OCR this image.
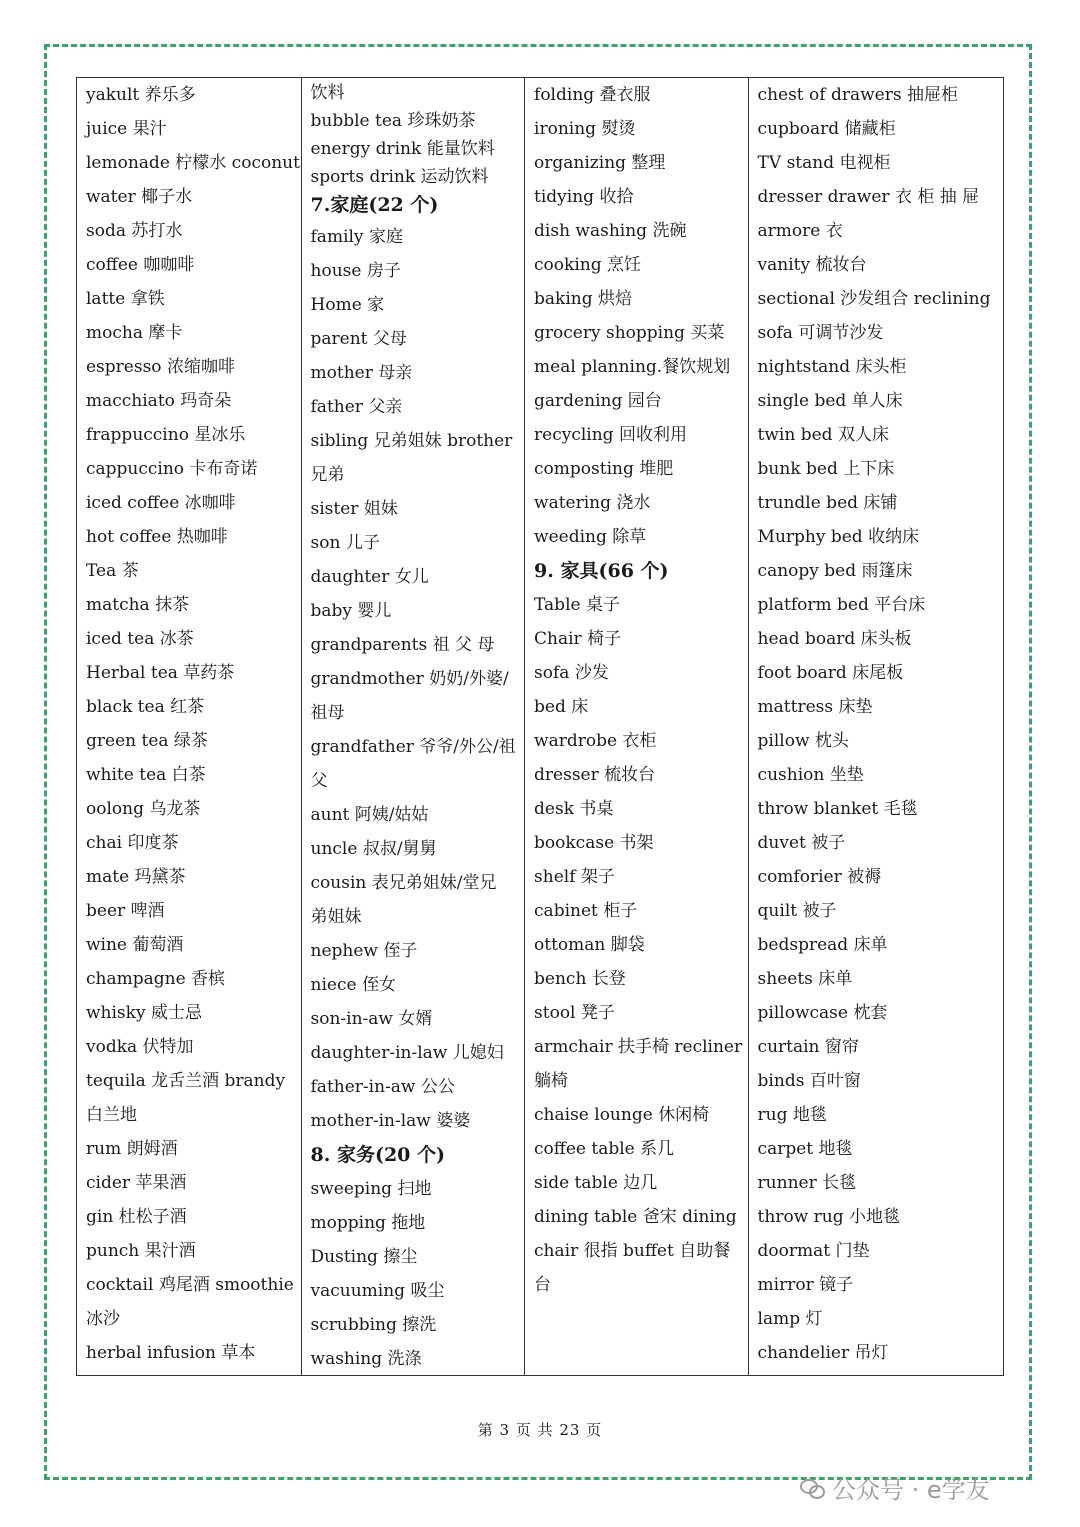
yakult 养乐多
juice 果汁
lemonade 柠檬水 coconut
water 椰子水
soda 苏打水
coffee 咖咖啡
latte 拿铁
mocha 摩卡
espresso 浓缩咖啡
macchiato 玛奇朵
frappuccino 星冰乐
cappuccino 卡布奇诺
iced coffee 冰咖啡
hot coffee 热咖啡
Tea 茶
matcha 抹茶
iced tea 冰茶
Herbal tea 草药茶
black tea 红茶
green tea 绿茶
white tea 白茶
oolong 乌龙茶
chai 印度茶
mate 玛黛茶
beer 啤酒
wine 葡萄酒
champagne 香槟
whisky 威士忌
vodka 伏特加
tequila 龙舌兰酒 brandy
白兰地
rum 朗姆酒
cider 苹果酒
gin 杜松子酒
punch 果汁酒
cocktail 鸡尾酒 smoothie
冰沙
herbal infusion 草本
饮料
bubble tea 珍珠奶茶
energy drink 能量饮料
sports drink 运动饮料
7.家庭(22 个)
family 家庭
house 房子
Home 家
parent 父母
mother 母亲
father 父亲
sibling 兄弟姐妹 brother
兄弟
sister 姐妹
son 儿子
daughter 女儿
baby 婴儿
grandparents 祖 父 母
grandmother 奶奶/外婆/
祖母
grandfather 爷爷/外公/祖
父
aunt 阿姨/姑姑
uncle 叔叔/舅舅
cousin 表兄弟姐妹/堂兄
弟姐妹
nephew 侄子
niece 侄女
son-in-aw 女婿
daughter-in-law 儿媳妇
father-in-aw 公公
mother-in-law 婆婆
8. 家务(20 个)
sweeping 扫地
mopping 拖地
Dusting 擦尘
vacuuming 吸尘
scrubbing 擦洗
washing 洗涤
folding 叠衣服
ironing 熨烫
organizing 整理
tidying 收拾
dish washing 洗碗
cooking 烹饪
baking 烘焙
grocery shopping 买菜
meal planning.餐饮规划
gardening 园台
recycling 回收利用
composting 堆肥
watering 浇水
weeding 除草
9. 家具(66 个)
Table 桌子
Chair 椅子
sofa 沙发
bed 床
wardrobe 衣柜
dresser 梳妆台
desk 书桌
bookcase 书架
shelf 架子
cabinet 柜子
ottoman 脚袋
bench 长登
stool 凳子
armchair 扶手椅 recliner
躺椅
chaise lounge 休闲椅
coffee table 系几
side table 边几
dining table 爸宋 dining
chair 很指 buffet 自助餐
台
chest of drawers 抽屉柜
cupboard 储藏柜
TV stand 电视柜
dresser drawer 衣 柜 抽 屉
armore 衣
vanity 梳妆台
sectional 沙发组合 reclining
sofa 可调节沙发
nightstand 床头柜
single bed 单人床
twin bed 双人床
bunk bed 上下床
trundle bed 床铺
Murphy bed 收纳床
canopy bed 雨篷床
platform bed 平台床
head board 床头板
foot board 床尾板
mattress 床垫
pillow 枕头
cushion 坐垫
throw blanket 毛毯
duvet 被子
comforier 被褥
quilt 被子
bedspread 床单
sheets 床单
pillowcase 枕套
curtain 窗帘
binds 百叶窗
rug 地毯
carpet 地毯
runner 长毯
throw rug 小地毯
doormat 门垫
mirror 镜子
lamp 灯
chandelier 吊灯
第 3 页 共 23 页
公众号 · e学友
